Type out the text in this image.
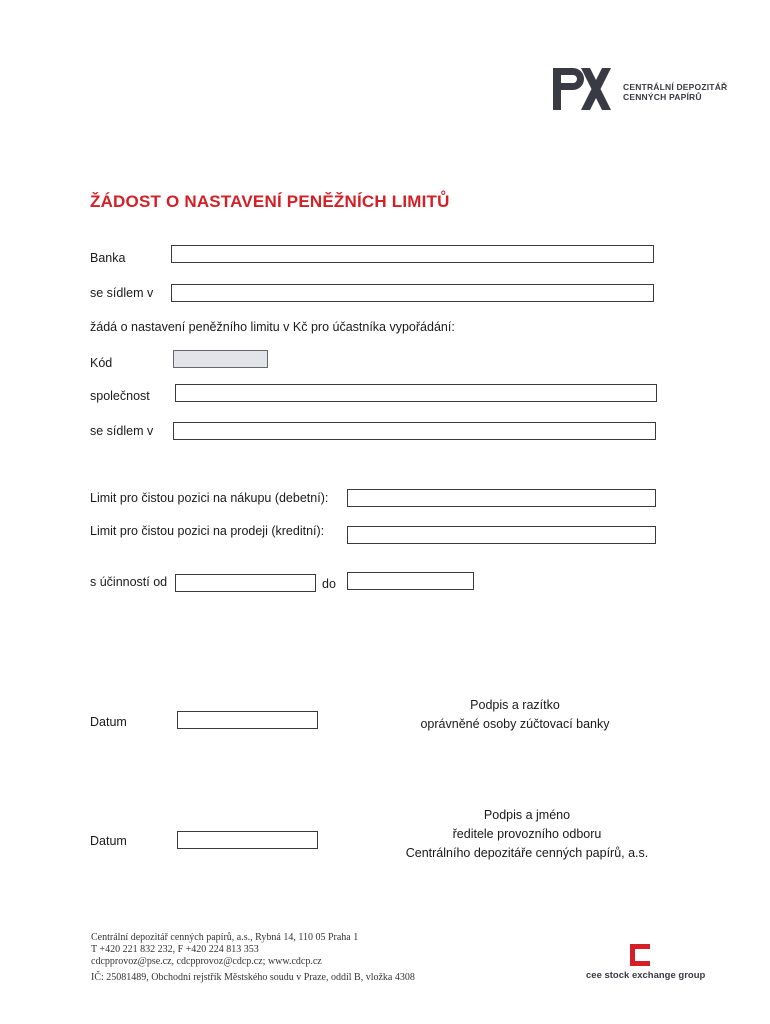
CENTRÁLNÍ DEPOZITÁŘ
CENNÝCH PAPÍRŮ
ŽÁDOST O NASTAVENÍ PENĚŽNÍCH LIMITŮ
Banka
se sídlem v
žádá o nastavení peněžního limitu v Kč pro účastníka vypořádání:
Kód
společnost
se sídlem v
Limit pro čistou pozici na nákupu (debetní):
Limit pro čistou pozici na prodeji (kreditní):
s účinností od	do
Datum
Podpis a razítko
oprávněné osoby zúčtovací banky
Datum
Podpis a jméno
ředitele provozního odboru
Centrálního depozitáře cenných papírů, a.s.
Centrální depozitář cenných papírů, a.s., Rybná 14, 110 05 Praha 1
T +420 221 832 232, F +420 224 813 353
cdcpprovoz@pse.cz, cdcpprovoz@cdcp.cz; www.cdcp.cz
IČ: 25081489, Obchodní rejstřík Městského soudu v Praze, oddíl B, vložka 4308	cee stock exchange group
